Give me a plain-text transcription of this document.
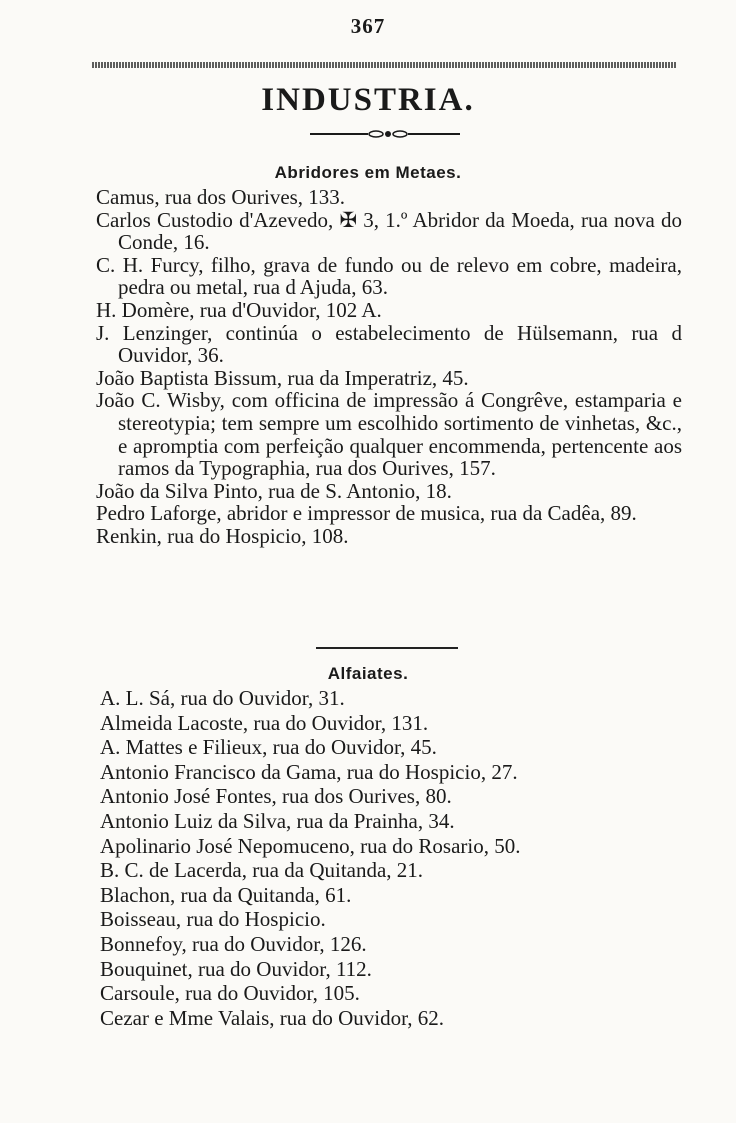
367
INDUSTRIA.
Abridores em Metaes.

Camus, rua dos Ourives, 133.

Carlos Custodio d'Azevedo, ✠ 3, 1.º Abridor da Moeda, rua nova do Conde, 16.

C. H. Furcy, filho, grava de fundo ou de relevo em cobre, madeira, pedra ou metal, rua d Ajuda, 63.

H. Domère, rua d'Ouvidor, 102 A.

J. Lenzinger, continúa o estabelecimento de Hülsemann, rua d Ouvidor, 36.

João Baptista Bissum, rua da Imperatriz, 45.

João C. Wisby, com officina de impressão á Congrêve, estamparia e stereotypia; tem sempre um escolhido sortimento de vinhetas, &c., e apromptia com perfeição qualquer encommenda, pertencente aos ramos da Typographia, rua dos Ourives, 157.

João da Silva Pinto, rua de S. Antonio, 18.

Pedro Laforge, abridor e impressor de musica, rua da Cadêa, 89.

Renkin, rua do Hospicio, 108.

Alfaiates.

A. L. Sá, rua do Ouvidor, 31.

Almeida Lacoste, rua do Ouvidor, 131.

A. Mattes e Filieux, rua do Ouvidor, 45.

Antonio Francisco da Gama, rua do Hospicio, 27.

Antonio José Fontes, rua dos Ourives, 80.

Antonio Luiz da Silva, rua da Prainha, 34.

Apolinario José Nepomuceno, rua do Rosario, 50.

B. C. de Lacerda, rua da Quitanda, 21.

Blachon, rua da Quitanda, 61.

Boisseau, rua do Hospicio.

Bonnefoy, rua do Ouvidor, 126.

Bouquinet, rua do Ouvidor, 112.

Carsoule, rua do Ouvidor, 105.

Cezar e Mme Valais, rua do Ouvidor, 62.
